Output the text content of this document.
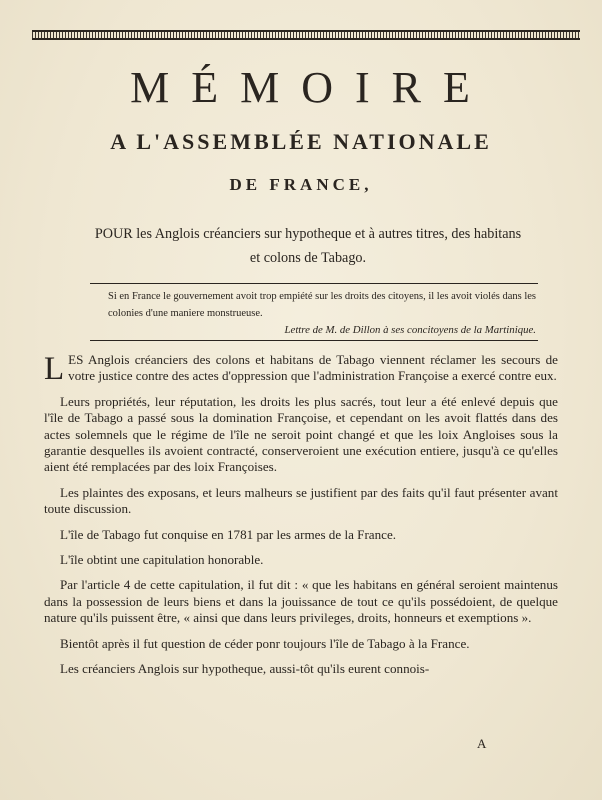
MÉMOIRE
A L'ASSEMBLÉE NATIONALE
DE FRANCE,
POUR les Anglois créanciers sur hypotheque et à autres titres, des habitans
et colons de Tabago.
Si en France le gouvernement avoit trop empiété sur les droits des citoyens, il les avoit violés dans les colonies d'une maniere monstrueuse.
Lettre de M. de Dillon à ses concitoyens de la Martinique.

LES Anglois créanciers des colons et habitans de Tabago viennent réclamer les secours de votre justice contre des actes d'oppression que l'administration Françoise a exercé contre eux.

Leurs propriétés, leur réputation, les droits les plus sacrés, tout leur a été enlevé depuis que l'île de Tabago a passé sous la domination Françoise, et cependant on les avoit flattés dans des actes solemnels que le régime de l'île ne seroit point changé et que les loix Angloises sous la garantie desquelles ils avoient contracté, conserveroient une exécution entiere, jusqu'à ce qu'elles aient été remplacées par des loix Françoises.

Les plaintes des exposans, et leurs malheurs se justifient par des faits qu'il faut présenter avant toute discussion.

L'île de Tabago fut conquise en 1781 par les armes de la France.

L'île obtint une capitulation honorable.

Par l'article 4 de cette capitulation, il fut dit : « que les habitans en général seroient maintenus dans la possession de leurs biens et dans la jouissance de tout ce qu'ils possédoient, de quelque nature qu'ils puissent être, « ainsi que dans leurs privileges, droits, honneurs et exemptions ».

Bientôt après il fut question de céder ponr toujours l'île de Tabago à la France.

Les créanciers Anglois sur hypotheque, aussi-tôt qu'ils eurent connois-

A
